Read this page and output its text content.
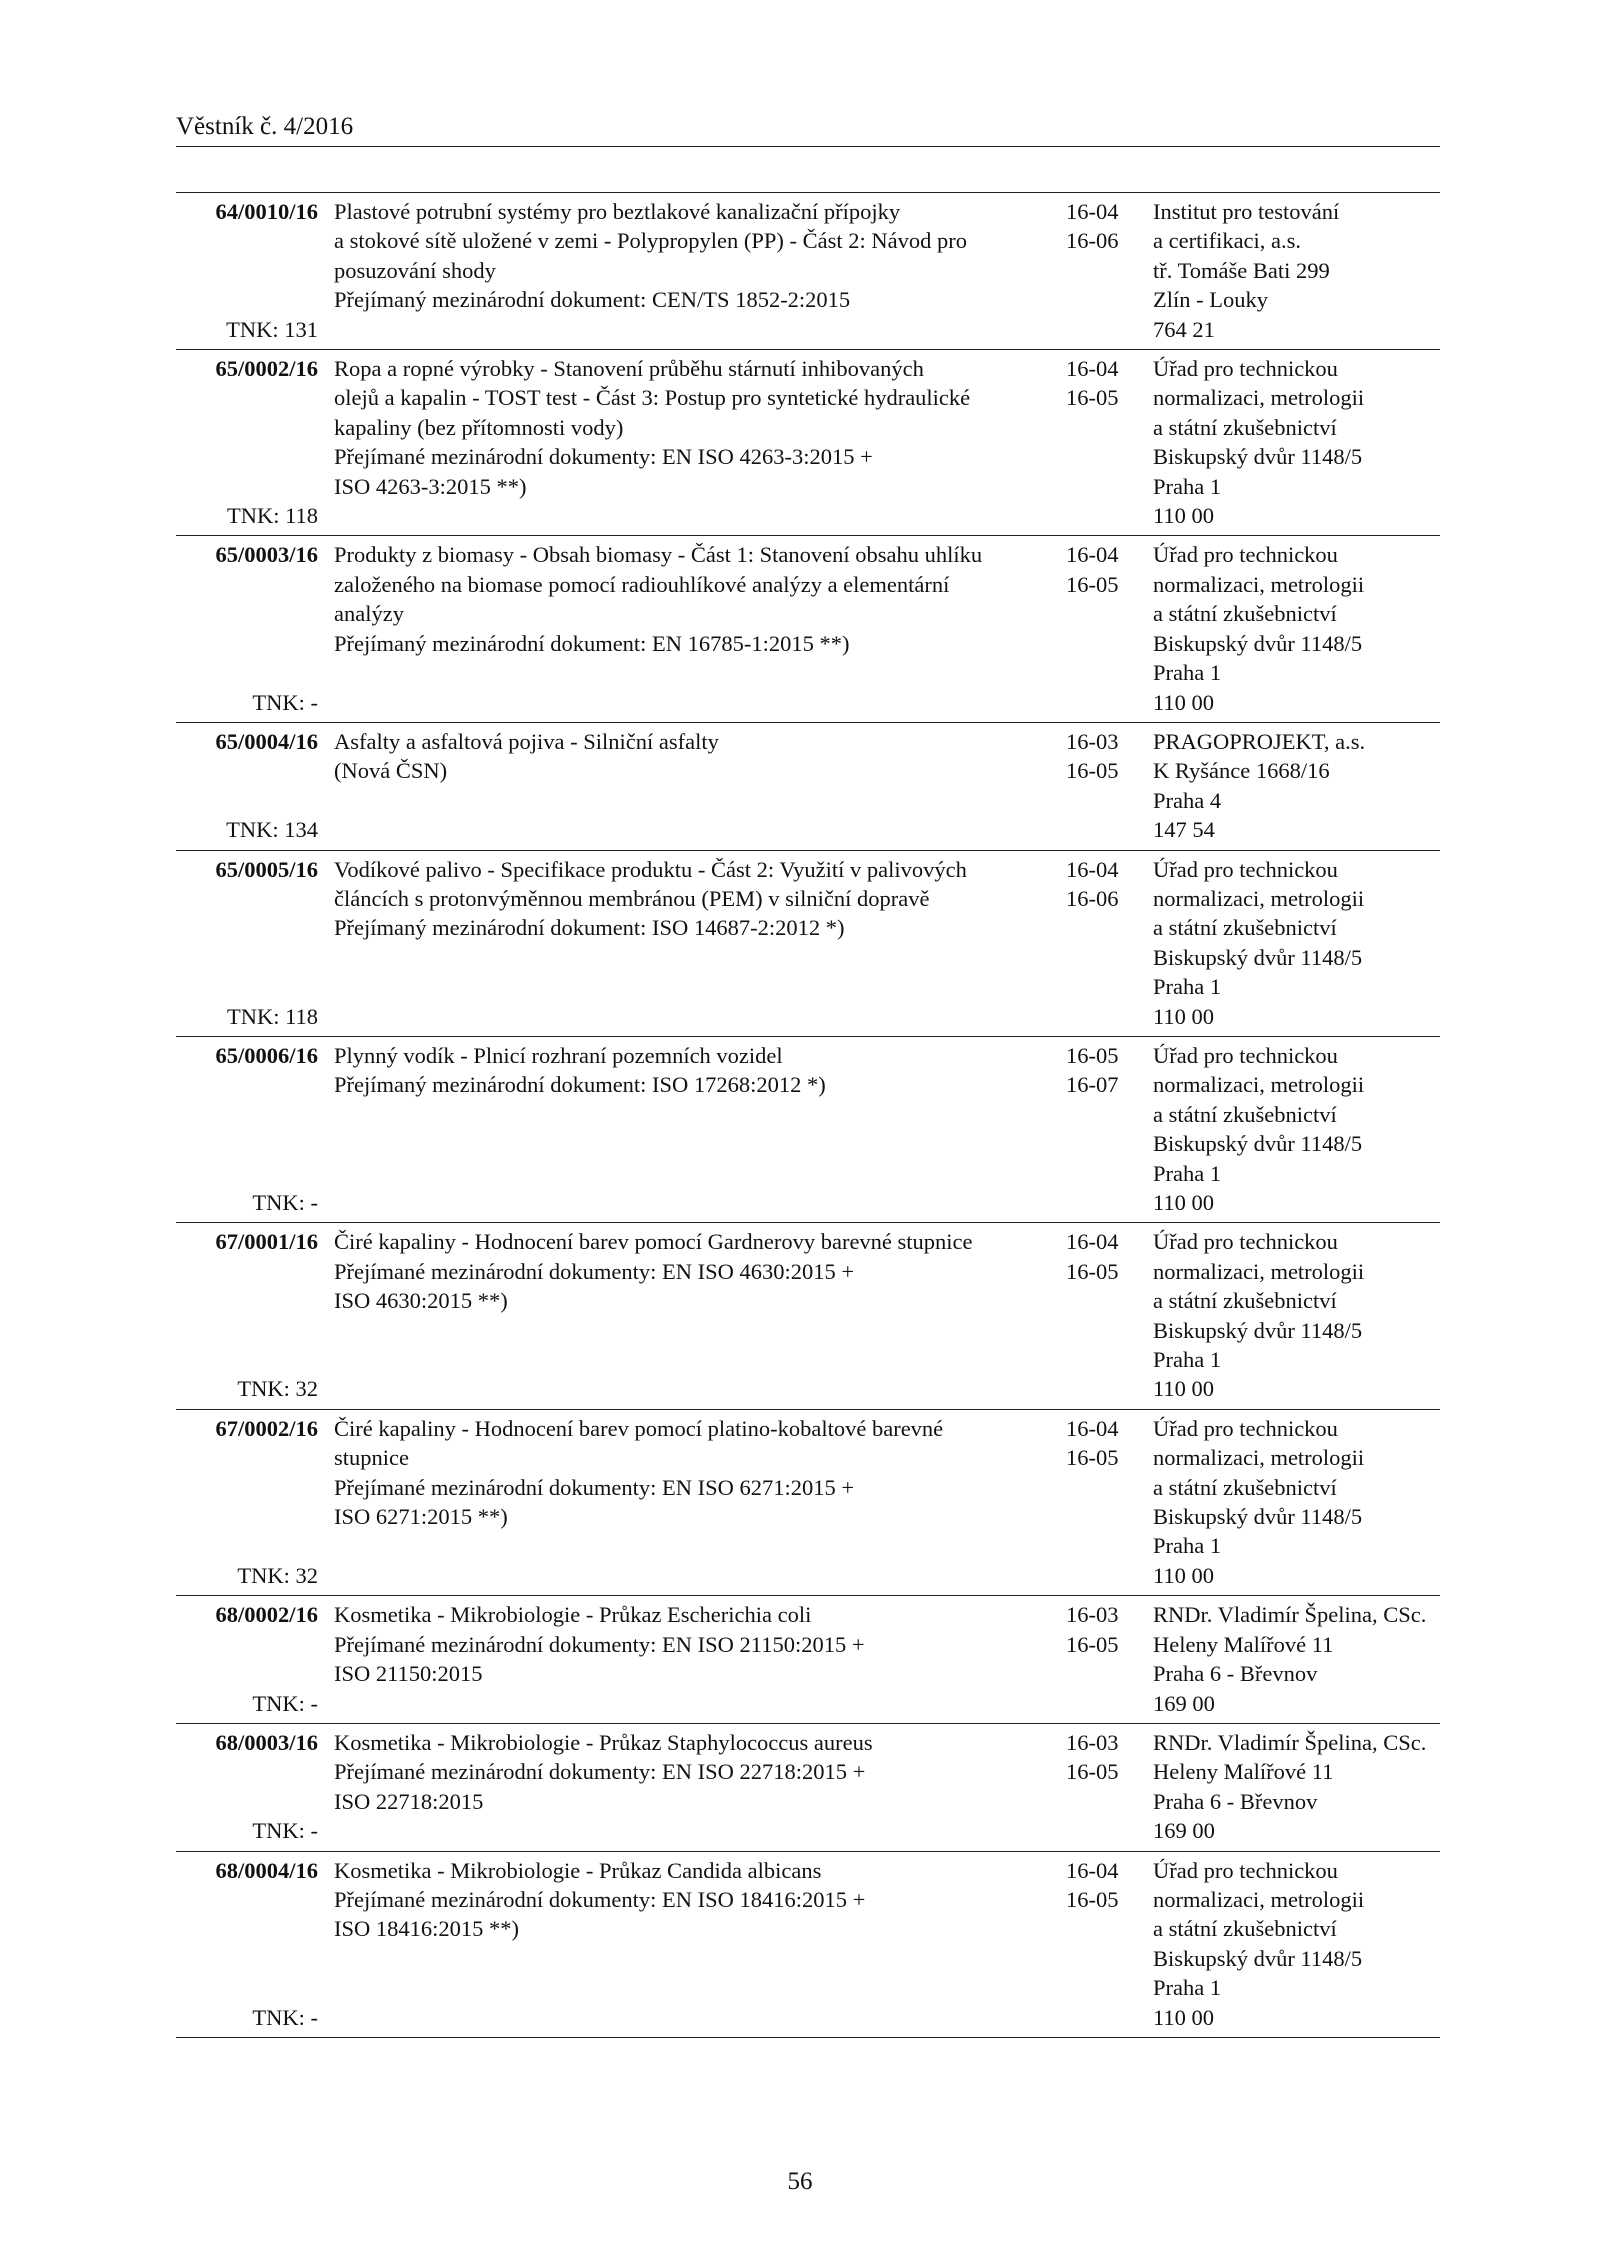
Věstník č. 4/2016
64/0010/16
TNK: 131
Plastové potrubní systémy pro beztlakové kanalizační přípojky
a stokové sítě uložené v zemi - Polypropylen (PP) - Část 2: Návod pro
posuzování shody
Přejímaný mezinárodní dokument: CEN/TS 1852-2:2015
16-04
16-06
Institut pro testování
a certifikaci, a.s.
tř. Tomáše Bati 299
Zlín - Louky
764 21
65/0002/16
TNK: 118
Ropa a ropné výrobky - Stanovení průběhu stárnutí inhibovaných
olejů a kapalin - TOST test - Část 3: Postup pro syntetické hydraulické
kapaliny (bez přítomnosti vody)
Přejímané mezinárodní dokumenty: EN ISO 4263-3:2015 +
ISO 4263-3:2015 **)
16-04
16-05
Úřad pro technickou
normalizaci, metrologii
a státní zkušebnictví
Biskupský dvůr 1148/5
Praha 1
110 00
65/0003/16
TNK: -
Produkty z biomasy - Obsah biomasy - Část 1: Stanovení obsahu uhlíku
založeného na biomase pomocí radiouhlíkové analýzy a elementární
analýzy
Přejímaný mezinárodní dokument: EN 16785-1:2015 **)
16-04
16-05
Úřad pro technickou
normalizaci, metrologii
a státní zkušebnictví
Biskupský dvůr 1148/5
Praha 1
110 00
65/0004/16
TNK: 134
Asfalty a asfaltová pojiva - Silniční asfalty
(Nová ČSN)
16-03
16-05
PRAGOPROJEKT, a.s.
K Ryšánce 1668/16
Praha 4
147 54
65/0005/16
TNK: 118
Vodíkové palivo - Specifikace produktu - Část 2: Využití v palivových
článcích s protonvýměnnou membránou (PEM) v silniční dopravě
Přejímaný mezinárodní dokument: ISO 14687-2:2012 *)
16-04
16-06
Úřad pro technickou
normalizaci, metrologii
a státní zkušebnictví
Biskupský dvůr 1148/5
Praha 1
110 00
65/0006/16
TNK: -
Plynný vodík - Plnicí rozhraní pozemních vozidel
Přejímaný mezinárodní dokument: ISO 17268:2012 *)
16-05
16-07
Úřad pro technickou
normalizaci, metrologii
a státní zkušebnictví
Biskupský dvůr 1148/5
Praha 1
110 00
67/0001/16
TNK: 32
Čiré kapaliny - Hodnocení barev pomocí Gardnerovy barevné stupnice
Přejímané mezinárodní dokumenty: EN ISO 4630:2015 +
ISO 4630:2015 **)
16-04
16-05
Úřad pro technickou
normalizaci, metrologii
a státní zkušebnictví
Biskupský dvůr 1148/5
Praha 1
110 00
67/0002/16
TNK: 32
Čiré kapaliny - Hodnocení barev pomocí platino-kobaltové barevné
stupnice
Přejímané mezinárodní dokumenty: EN ISO 6271:2015 +
ISO 6271:2015 **)
16-04
16-05
Úřad pro technickou
normalizaci, metrologii
a státní zkušebnictví
Biskupský dvůr 1148/5
Praha 1
110 00
68/0002/16
TNK: -
Kosmetika - Mikrobiologie - Průkaz Escherichia coli
Přejímané mezinárodní dokumenty: EN ISO 21150:2015 +
ISO 21150:2015
16-03
16-05
RNDr. Vladimír Špelina, CSc.
Heleny Malířové 11
Praha 6 - Břevnov
169 00
68/0003/16
TNK: -
Kosmetika - Mikrobiologie - Průkaz Staphylococcus aureus
Přejímané mezinárodní dokumenty: EN ISO 22718:2015 +
ISO 22718:2015
16-03
16-05
RNDr. Vladimír Špelina, CSc.
Heleny Malířové 11
Praha 6 - Břevnov
169 00
68/0004/16
TNK: -
Kosmetika - Mikrobiologie - Průkaz Candida albicans
Přejímané mezinárodní dokumenty: EN ISO 18416:2015 +
ISO 18416:2015 **)
16-04
16-05
Úřad pro technickou
normalizaci, metrologii
a státní zkušebnictví
Biskupský dvůr 1148/5
Praha 1
110 00
56
